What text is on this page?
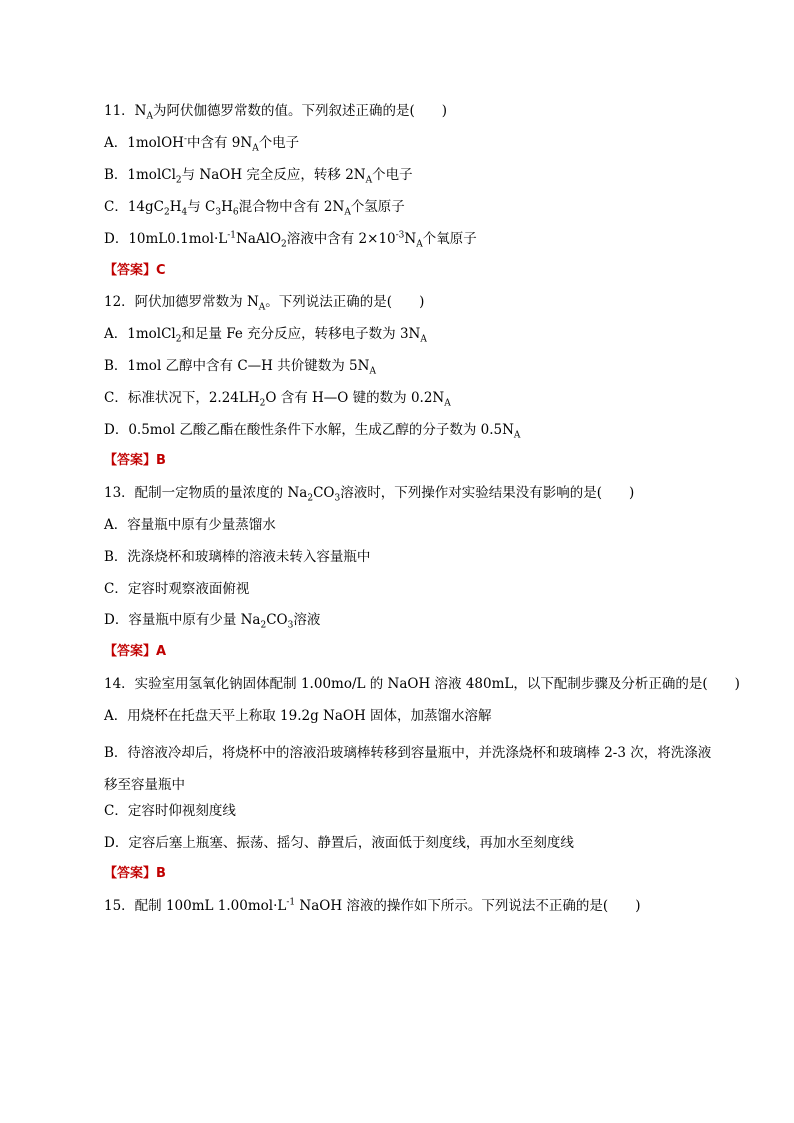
11．$N_A$为阿伏伽德罗常数的值。下列叙述正确的是(　　)
A．1molOH-中含有 $9N_A$个电子
B．1molCl$_2$与 NaOH 完全反应，转移 $2N_A$个电子
C．$14gC_2H_4$与 $C_3H_6$混合物中含有 $2N_A$个氢原子
D．$10mL0.1mol\cdot L^{-1}NaAlO_2$溶液中含有 $2\times 10^{-3}N_A$个氧原子
【答案】C
12．阿伏加德罗常数为 $N_A$。下列说法正确的是(　　)
A．1molCl$_2$和足量 Fe 充分反应，转移电子数为 $3N_A$
B．1mol 乙醇中含有 C—H 共价键数为 $5N_A$
C．标准状况下，$2.24LH_2O$ 含有 H—O 键的数为 $0.2N_A$
D．0.5mol 乙酸乙酯在酸性条件下水解，生成乙醇的分子数为 $0.5N_A$
【答案】B
13．配制一定物质的量浓度的 $Na_2CO_3$溶液时，下列操作对实验结果没有影响的是(　　)
A．容量瓶中原有少量蒸馏水
B．洗涤烧杯和玻璃棒的溶液未转入容量瓶中
C．定容时观察液面俯视
D．容量瓶中原有少量 $Na_2CO_3$溶液
【答案】A
14．实验室用氢氧化钠固体配制 1.00mo/L 的 NaOH 溶液 480mL，以下配制步骤及分析正确的是(　　)
A．用烧杯在托盘天平上称取 19.2g NaOH 固体，加蒸馏水溶解
B．待溶液冷却后，将烧杯中的溶液沿玻璃棒转移到容量瓶中，并洗涤烧杯和玻璃棒 2-3 次，将洗涤液移至容量瓶中
C．定容时仰视刻度线
D．定容后塞上瓶塞、振荡、摇匀、静置后，液面低于刻度线，再加水至刻度线
【答案】B
15．配制 100mL $1.00mol\cdot L^{-1}$ NaOH 溶液的操作如下所示。下列说法不正确的是(　　)
